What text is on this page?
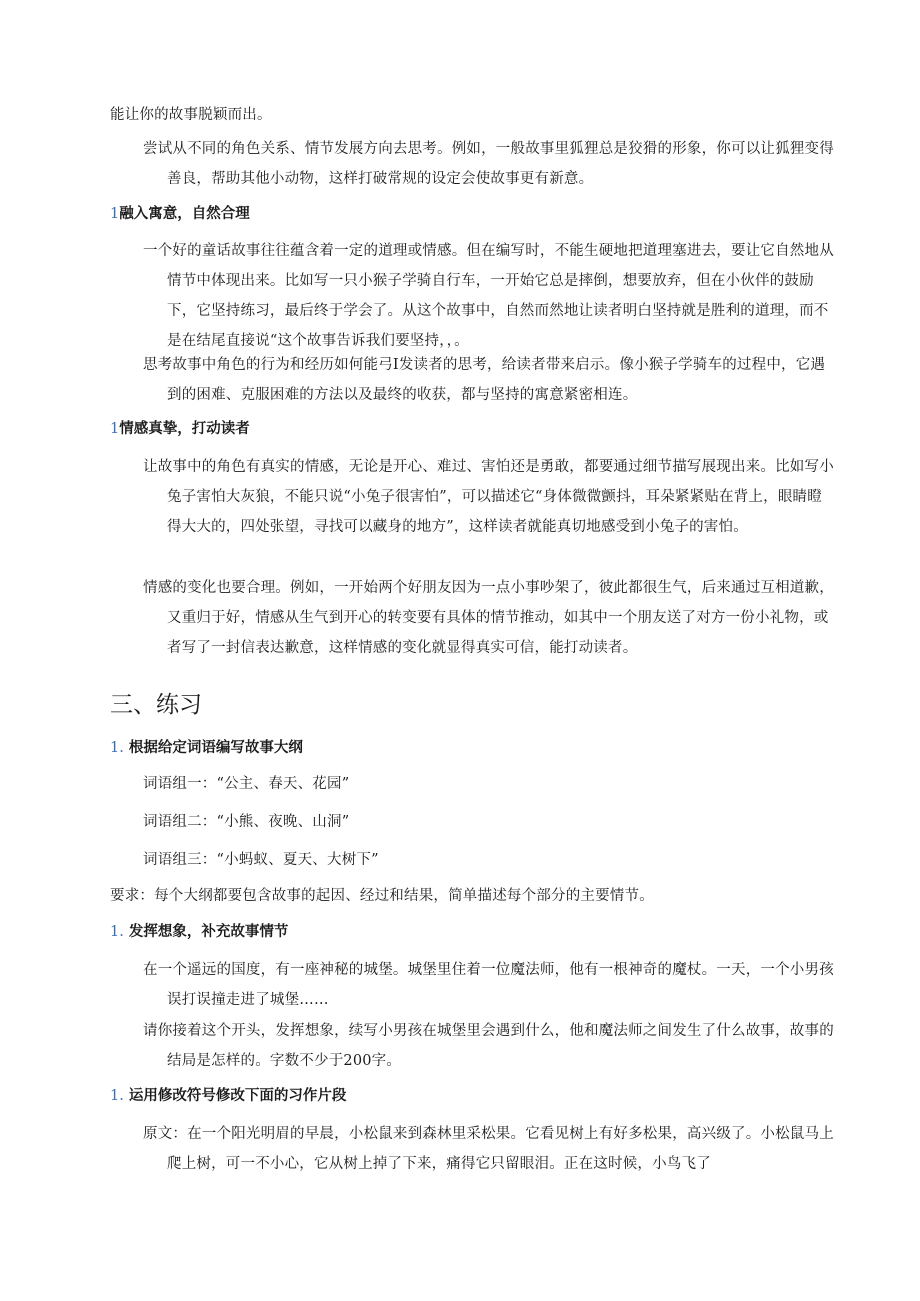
能让你的故事脱颖而出。
尝试从不同的角色关系、情节发展方向去思考。例如，一般故事里狐狸总是狡猾的形象，你可以让狐狸变得善良，帮助其他小动物，这样打破常规的设定会使故事更有新意。
1融入寓意，自然合理
一个好的童话故事往往蕴含着一定的道理或情感。但在编写时，不能生硬地把道理塞进去，要让它自然地从情节中体现出来。比如写一只小猴子学骑自行车，一开始它总是摔倒，想要放弃，但在小伙伴的鼓励下，它坚持练习，最后终于学会了。从这个故事中，自然而然地让读者明白坚持就是胜利的道理，而不是在结尾直接说“这个故事告诉我们要坚持，，。
思考故事中角色的行为和经历如何能弓I发读者的思考，给读者带来启示。像小猴子学骑车的过程中，它遇到的困难、克服困难的方法以及最终的收获，都与坚持的寓意紧密相连。
1情感真挚，打动读者
让故事中的角色有真实的情感，无论是开心、难过、害怕还是勇敢，都要通过细节描写展现出来。比如写小兔子害怕大灰狼，不能只说“小兔子很害怕”，可以描述它“身体微微颤抖，耳朵紧紧贴在背上，眼睛瞪得大大的，四处张望，寻找可以藏身的地方”，这样读者就能真切地感受到小兔子的害怕。
情感的变化也要合理。例如，一开始两个好朋友因为一点小事吵架了，彼此都很生气，后来通过互相道歉，又重归于好，情感从生气到开心的转变要有具体的情节推动，如其中一个朋友送了对方一份小礼物，或者写了一封信表达歉意，这样情感的变化就显得真实可信，能打动读者。
三、练习
1. 根据给定词语编写故事大纲
词语组一：“公主、春天、花园”
词语组二：“小熊、夜晚、山洞”
词语组三：“小蚂蚁、夏天、大树下”
要求：每个大纲都要包含故事的起因、经过和结果，简单描述每个部分的主要情节。
1. 发挥想象，补充故事情节
在一个遥远的国度，有一座神秘的城堡。城堡里住着一位魔法师，他有一根神奇的魔杖。一天，一个小男孩误打误撞走进了城堡……
请你接着这个开头，发挥想象，续写小男孩在城堡里会遇到什么，他和魔法师之间发生了什么故事，故事的结局是怎样的。字数不少于200字。
1. 运用修改符号修改下面的习作片段
原文：在一个阳光明眉的早晨，小松鼠来到森林里采松果。它看见树上有好多松果，高兴级了。小松鼠马上爬上树，可一不小心，它从树上掉了下来，痛得它只留眼泪。正在这时候，小鸟飞了
